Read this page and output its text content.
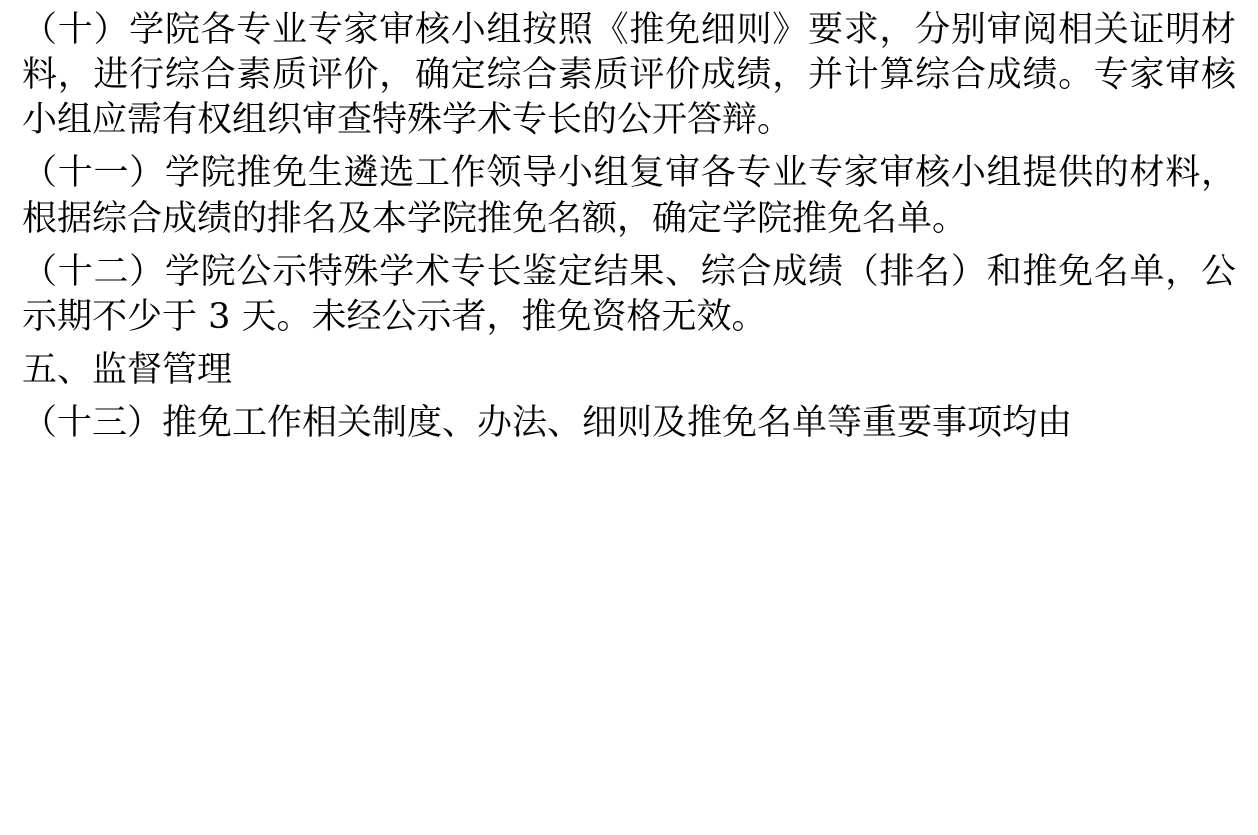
（十）学院各专业专家审核小组按照《推免细则》要求，分别审阅相关证明材料，进行综合素质评价，确定综合素质评价成绩，并计算综合成绩。专家审核小组应需有权组织审查特殊学术专长的公开答辩。

（十一）学院推免生遴选工作领导小组复审各专业专家审核小组提供的材料，根据综合成绩的排名及本学院推免名额，确定学院推免名单。

（十二）学院公示特殊学术专长鉴定结果、综合成绩（排名）和推免名单，公示期不少于 3 天。未经公示者，推免资格无效。

五、监督管理

（十三）推免工作相关制度、办法、细则及推免名单等重要事项均由
